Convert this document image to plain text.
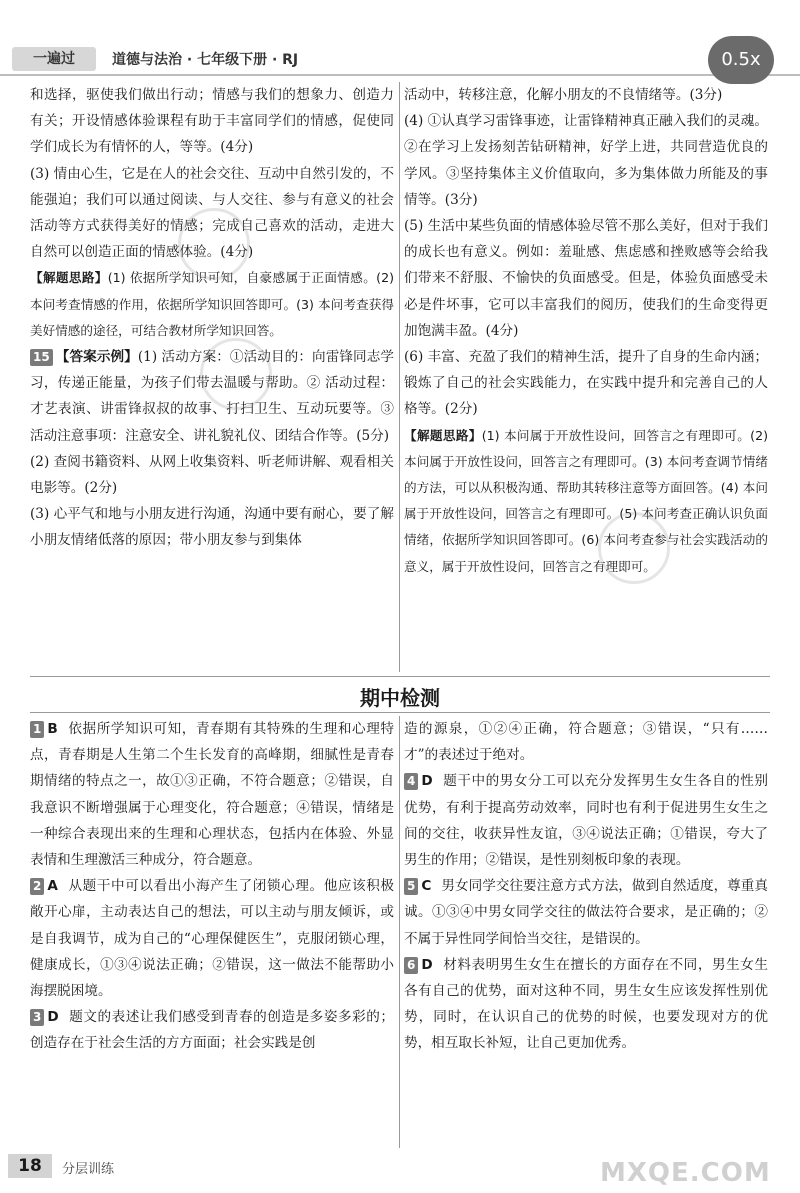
一遍过	道德与法治 · 七年级下册 · RJ	0.5x

和选择，驱使我们做出行动；情感与我们的想象力、创造力有关；开设情感体验课程有助于丰富同学们的情感，促使同学们成长为有情怀的人，等等。(4分)

(3) 情由心生，它是在人的社会交往、互动中自然引发的，不能强迫；我们可以通过阅读、与人交往、参与有意义的社会活动等方式获得美好的情感；完成自己喜欢的活动，走进大自然可以创造正面的情感体验。(4分)

【解题思路】(1) 依据所学知识可知，自豪感属于正面情感。(2) 本问考查情感的作用，依据所学知识回答即可。(3) 本问考查获得美好情感的途径，可结合教材所学知识回答。

15 【答案示例】(1) 活动方案：①活动目的：向雷锋同志学习，传递正能量，为孩子们带去温暖与帮助。② 活动过程：才艺表演、讲雷锋叔叔的故事、打扫卫生、互动玩要等。③活动注意事项：注意安全、讲礼貌礼仪、团结合作等。(5分)

(2) 查阅书籍资料、从网上收集资料、听老师讲解、观看相关电影等。(2分)

(3) 心平气和地与小朋友进行沟通，沟通中要有耐心，要了解小朋友情绪低落的原因；带小朋友参与到集体

活动中，转移注意，化解小朋友的不良情绪等。(3分)

(4) ①认真学习雷锋事迹，让雷锋精神真正融入我们的灵魂。②在学习上发扬刻苦钻研精神，好学上进，共同营造优良的学风。③坚持集体主义价值取向，多为集体做力所能及的事情等。(3分)

(5) 生活中某些负面的情感体验尽管不那么美好，但对于我们的成长也有意义。例如：羞耻感、焦虑感和挫败感等会给我们带来不舒服、不愉快的负面感受。但是，体验负面感受未必是件坏事，它可以丰富我们的阅历，使我们的生命变得更加饱满丰盈。(4分)

(6) 丰富、充盈了我们的精神生活，提升了自身的生命内涵；锻炼了自己的社会实践能力，在实践中提升和完善自己的人格等。(2分)

【解题思路】(1) 本问属于开放性设问，回答言之有理即可。(2) 本问属于开放性设问，回答言之有理即可。(3) 本问考查调节情绪的方法，可以从积极沟通、帮助其转移注意等方面回答。(4) 本问属于开放性设问，回答言之有理即可。(5) 本问考查正确认识负面情绪，依据所学知识回答即可。(6) 本问考查参与社会实践活动的意义，属于开放性设问，回答言之有理即可。

期中检测

1 B 依据所学知识可知，青春期有其特殊的生理和心理特点，青春期是人生第二个生长发育的高峰期，细腻性是青春期情绪的特点之一，故①③正确，不符合题意；②错误，自我意识不断增强属于心理变化，符合题意；④错误，情绪是一种综合表现出来的生理和心理状态，包括内在体验、外显表情和生理激活三种成分，符合题意。

2 A 从题干中可以看出小海产生了闭锁心理。他应该积极敞开心扉，主动表达自己的想法，可以主动与朋友倾诉，或是自我调节，成为自己的“心理保健医生”，克服闭锁心理，健康成长，①③④说法正确；②错误，这一做法不能帮助小海摆脱困境。

3 D 题文的表述让我们感受到青春的创造是多姿多彩的；创造存在于社会生活的方方面面；社会实践是创

造的源泉，①②④正确，符合题意；③错误，“只有……才”的表述过于绝对。

4 D 题干中的男女分工可以充分发挥男生女生各自的性别优势，有利于提高劳动效率，同时也有利于促进男生女生之间的交往，收获异性友谊，③④说法正确；①错误，夸大了男生的作用；②错误，是性别刻板印象的表现。

5 C 男女同学交往要注意方式方法，做到自然适度，尊重真诚。①③④中男女同学交往的做法符合要求，是正确的；②不属于异性同学间恰当交往，是错误的。

6 D 材料表明男生女生在擅长的方面存在不同，男生女生各有自己的优势，面对这种不同，男生女生应该发挥性别优势，同时，在认识自己的优势的时候，也要发现对方的优势，相互取长补短，让自己更加优秀。

18	分层训练	MXQE.COM
